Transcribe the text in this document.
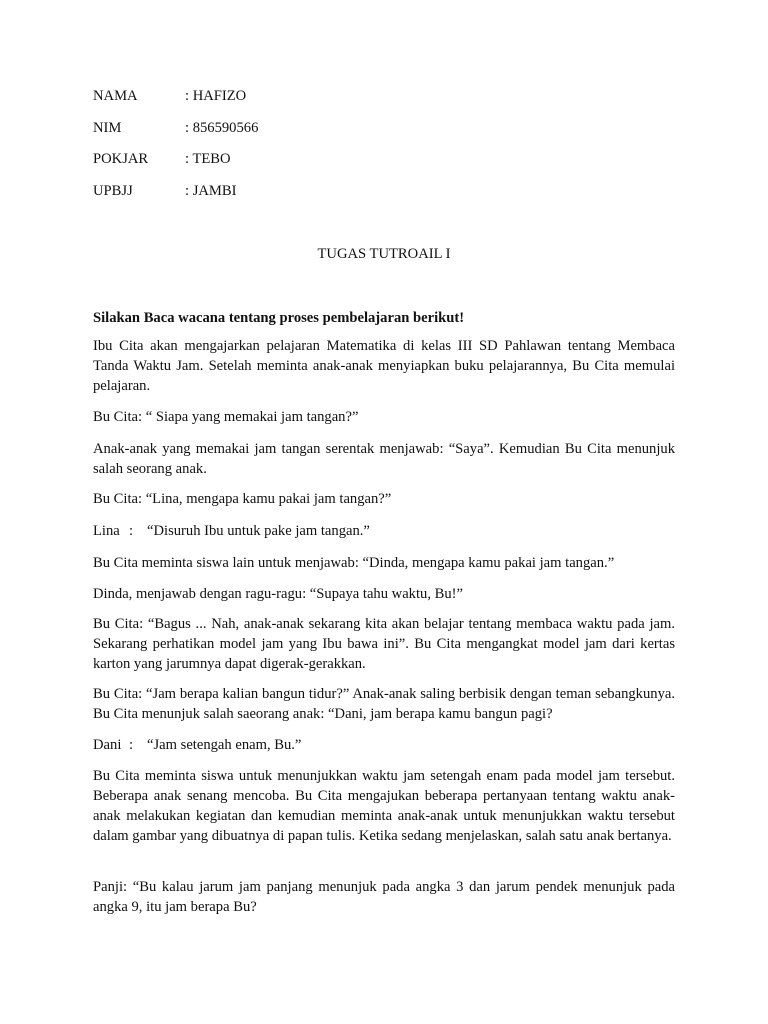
NAMA	: HAFIZO
NIM	: 856590566
POKJAR	: TEBO
UPBJJ	: JAMBI
TUGAS TUTROAIL I

Silakan Baca wacana tentang proses pembelajaran berikut!

Ibu Cita akan mengajarkan pelajaran Matematika di kelas III SD Pahlawan tentang Membaca Tanda Waktu Jam. Setelah meminta anak-anak menyiapkan buku pelajarannya, Bu Cita memulai pelajaran.

Bu Cita: “ Siapa yang memakai jam tangan?”

Anak-anak yang memakai jam tangan serentak menjawab: “Saya”. Kemudian Bu Cita menunjuk salah seorang anak.

Bu Cita: “Lina, mengapa kamu pakai jam tangan?”

Lina : “Disuruh Ibu untuk pake jam tangan.”

Bu Cita meminta siswa lain untuk menjawab: “Dinda, mengapa kamu pakai jam tangan.”

Dinda, menjawab dengan ragu-ragu: “Supaya tahu waktu, Bu!”

Bu Cita: “Bagus ... Nah, anak-anak sekarang kita akan belajar tentang membaca waktu pada jam. Sekarang perhatikan model jam yang Ibu bawa ini”. Bu Cita mengangkat model jam dari kertas karton yang jarumnya dapat digerak-gerakkan.

Bu Cita: “Jam berapa kalian bangun tidur?” Anak-anak saling berbisik dengan teman sebangkunya. Bu Cita menunjuk salah saeorang anak: “Dani, jam berapa kamu bangun pagi?

Dani : “Jam setengah enam, Bu.”

Bu Cita meminta siswa untuk menunjukkan waktu jam setengah enam pada model jam tersebut. Beberapa anak senang mencoba. Bu Cita mengajukan beberapa pertanyaan tentang waktu anak-anak melakukan kegiatan dan kemudian meminta anak-anak untuk menunjukkan waktu tersebut dalam gambar yang dibuatnya di papan tulis. Ketika sedang menjelaskan, salah satu anak bertanya.

Panji: “Bu kalau jarum jam panjang menunjuk pada angka 3 dan jarum pendek menunjuk pada angka 9, itu jam berapa Bu?
